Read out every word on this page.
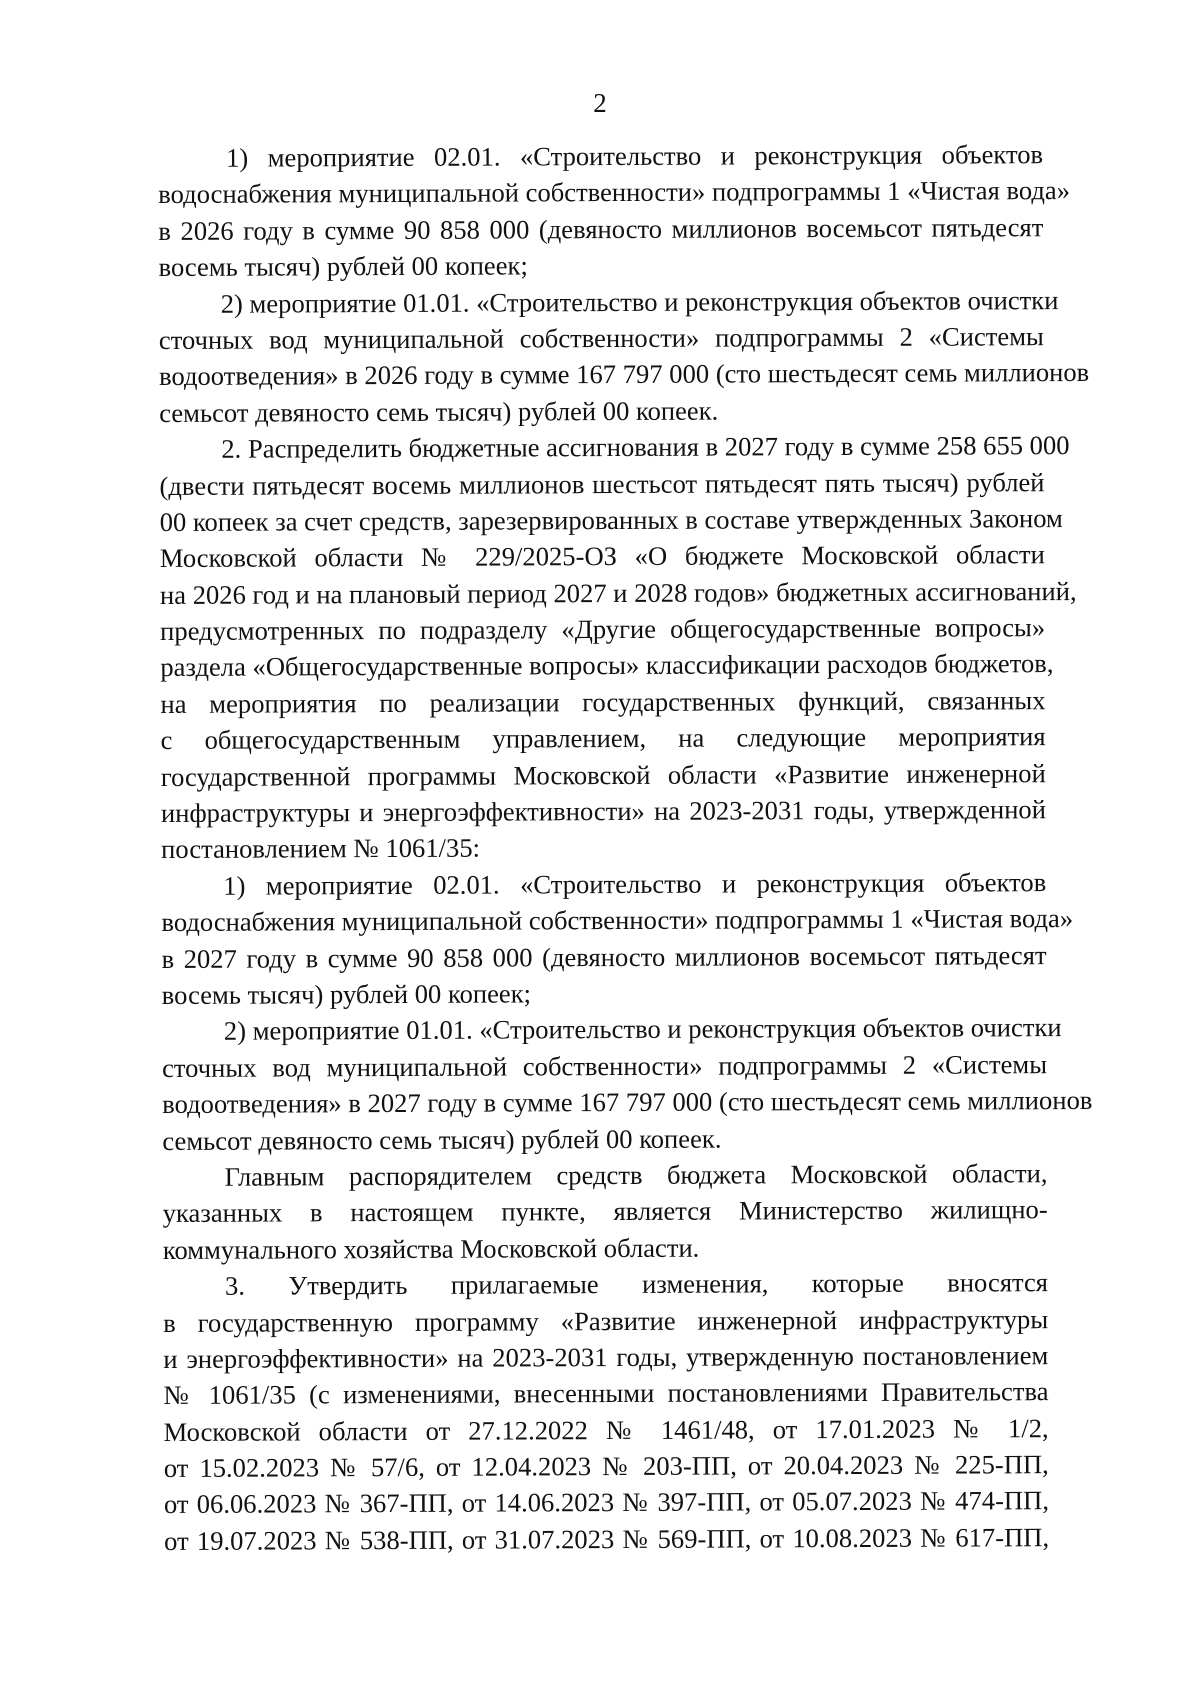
2
1) мероприятие 02.01. «Строительство и реконструкция объектов
водоснабжения муниципальной собственности» подпрограммы 1 «Чистая вода»
в 2026 году в сумме 90 858 000 (девяносто миллионов восемьсот пятьдесят
восемь тысяч) рублей 00 копеек;
2) мероприятие 01.01. «Строительство и реконструкция объектов очистки
сточных вод муниципальной собственности» подпрограммы 2 «Системы
водоотведения» в 2026 году в сумме 167 797 000 (сто шестьдесят семь миллионов
семьсот девяносто семь тысяч) рублей 00 копеек.
2. Распределить бюджетные ассигнования в 2027 году в сумме 258 655 000
(двести пятьдесят восемь миллионов шестьсот пятьдесят пять тысяч) рублей
00 копеек за счет средств, зарезервированных в составе утвержденных Законом
Московской области № 229/2025-ОЗ «О бюджете Московской области
на 2026 год и на плановый период 2027 и 2028 годов» бюджетных ассигнований,
предусмотренных по подразделу «Другие общегосударственные вопросы»
раздела «Общегосударственные вопросы» классификации расходов бюджетов,
на мероприятия по реализации государственных функций, связанных
с общегосударственным управлением, на следующие мероприятия
государственной программы Московской области «Развитие инженерной
инфраструктуры и энергоэффективности» на 2023-2031 годы, утвержденной
постановлением № 1061/35:
1) мероприятие 02.01. «Строительство и реконструкция объектов
водоснабжения муниципальной собственности» подпрограммы 1 «Чистая вода»
в 2027 году в сумме 90 858 000 (девяносто миллионов восемьсот пятьдесят
восемь тысяч) рублей 00 копеек;
2) мероприятие 01.01. «Строительство и реконструкция объектов очистки
сточных вод муниципальной собственности» подпрограммы 2 «Системы
водоотведения» в 2027 году в сумме 167 797 000 (сто шестьдесят семь миллионов
семьсот девяносто семь тысяч) рублей 00 копеек.
Главным распорядителем средств бюджета Московской области,
указанных в настоящем пункте, является Министерство жилищно-
коммунального хозяйства Московской области.
3. Утвердить прилагаемые изменения, которые вносятся
в государственную программу «Развитие инженерной инфраструктуры
и энергоэффективности» на 2023-2031 годы, утвержденную постановлением
№ 1061/35 (с изменениями, внесенными постановлениями Правительства
Московской области от 27.12.2022 № 1461/48, от 17.01.2023 № 1/2,
от 15.02.2023 № 57/6, от 12.04.2023 № 203-ПП, от 20.04.2023 № 225-ПП,
от 06.06.2023 № 367-ПП, от 14.06.2023 № 397-ПП, от 05.07.2023 № 474-ПП,
от 19.07.2023 № 538-ПП, от 31.07.2023 № 569-ПП, от 10.08.2023 № 617-ПП,
